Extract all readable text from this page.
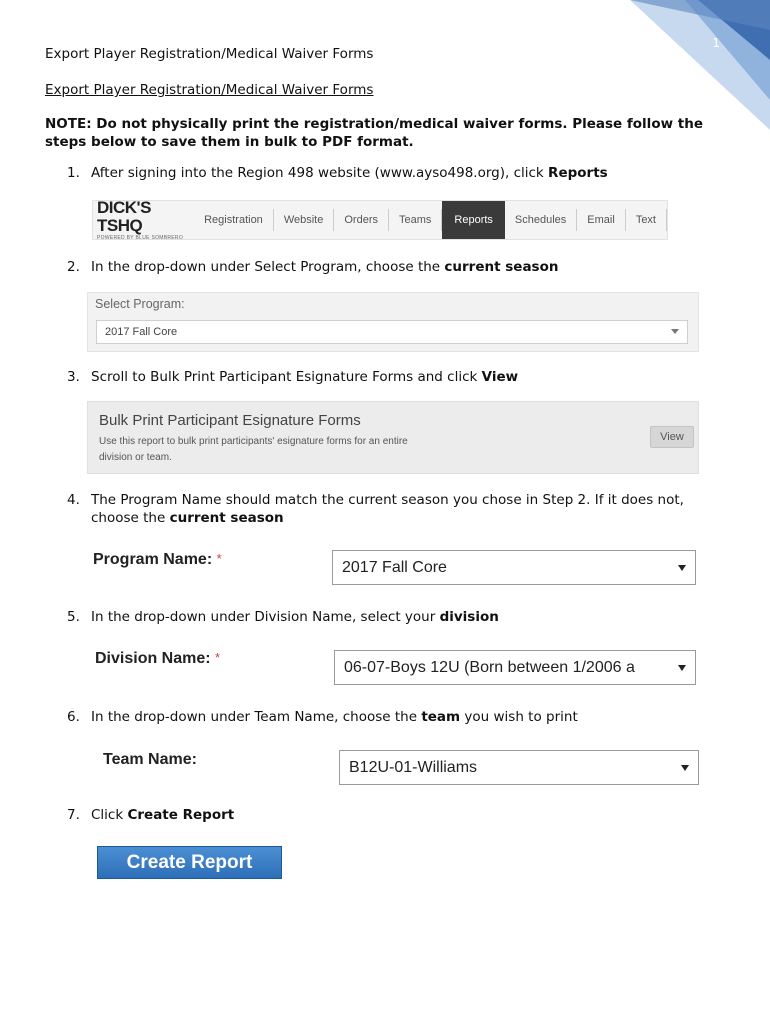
1
Export Player Registration/Medical Waiver Forms
Export Player Registration/Medical Waiver Forms
NOTE: Do not physically print the registration/medical waiver forms. Please follow the steps below to save them in bulk to PDF format.
1. After signing into the Region 498 website (www.ayso498.org), click Reports
DICK'S TSHQ
POWERED BY BLUE SOMBRERO
Registration	Website	Orders	Teams	Reports	Schedules	Email	Text
2. In the drop-down under Select Program, choose the current season
Select Program:
2017 Fall Core
3. Scroll to Bulk Print Participant Esignature Forms and click View
Bulk Print Participant Esignature Forms
Use this report to bulk print participants' esignature forms for an entire division or team.
View
4. The Program Name should match the current season you chose in Step 2. If it does not, choose the current season
Program Name: *	2017 Fall Core
5. In the drop-down under Division Name, select your division
Division Name: *
06-07-Boys 12U (Born between 1/2006 a
6. In the drop-down under Team Name, choose the team you wish to print
Team Name:	B12U-01-Williams
7. Click Create Report
Create Report
